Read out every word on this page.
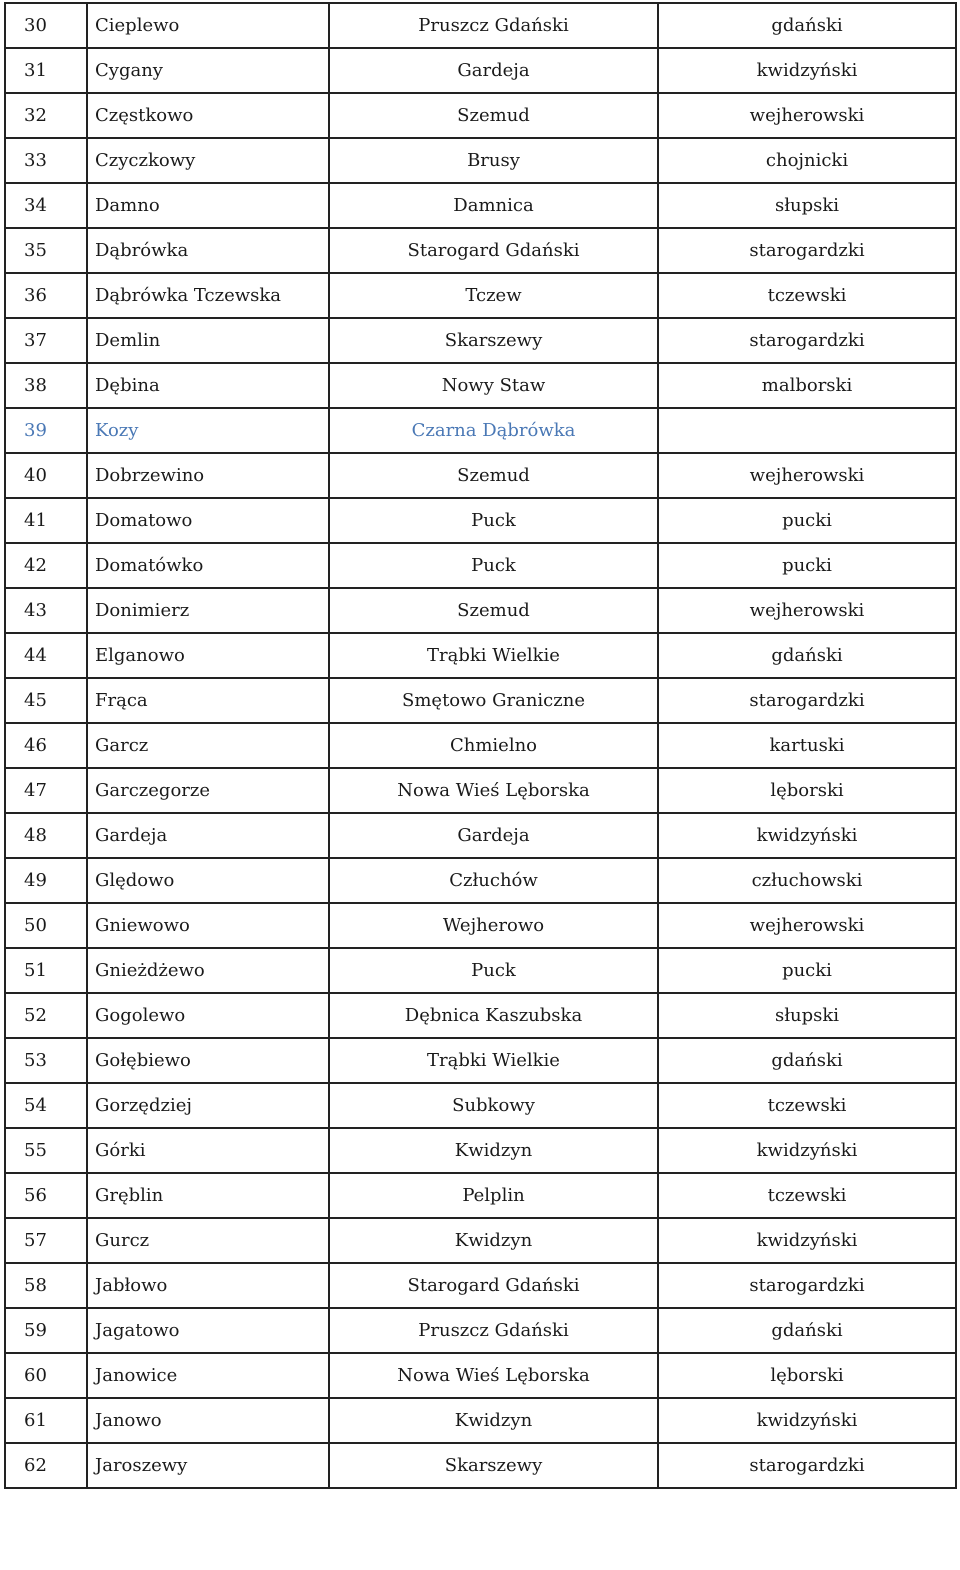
30	Cieplewo	Pruszcz Gdański	gdański
31	Cygany	Gardeja	kwidzyński
32	Częstkowo	Szemud	wejherowski
33	Czyczkowy	Brusy	chojnicki
34	Damno	Damnica	słupski
35	Dąbrówka	Starogard Gdański	starogardzki
36	Dąbrówka Tczewska	Tczew	tczewski
37	Demlin	Skarszewy	starogardzki
38	Dębina	Nowy Staw	malborski
39	Kozy	Czarna Dąbrówka	
40	Dobrzewino	Szemud	wejherowski
41	Domatowo	Puck	pucki
42	Domatówko	Puck	pucki
43	Donimierz	Szemud	wejherowski
44	Elganowo	Trąbki Wielkie	gdański
45	Frąca	Smętowo Graniczne	starogardzki
46	Garcz	Chmielno	kartuski
47	Garczegorze	Nowa Wieś Lęborska	lęborski
48	Gardeja	Gardeja	kwidzyński
49	Ględowo	Człuchów	człuchowski
50	Gniewowo	Wejherowo	wejherowski
51	Gnieżdżewo	Puck	pucki
52	Gogolewo	Dębnica Kaszubska	słupski
53	Gołębiewo	Trąbki Wielkie	gdański
54	Gorzędziej	Subkowy	tczewski
55	Górki	Kwidzyn	kwidzyński
56	Gręblin	Pelplin	tczewski
57	Gurcz	Kwidzyn	kwidzyński
58	Jabłowo	Starogard Gdański	starogardzki
59	Jagatowo	Pruszcz Gdański	gdański
60	Janowice	Nowa Wieś Lęborska	lęborski
61	Janowo	Kwidzyn	kwidzyński
62	Jaroszewy	Skarszewy	starogardzki
